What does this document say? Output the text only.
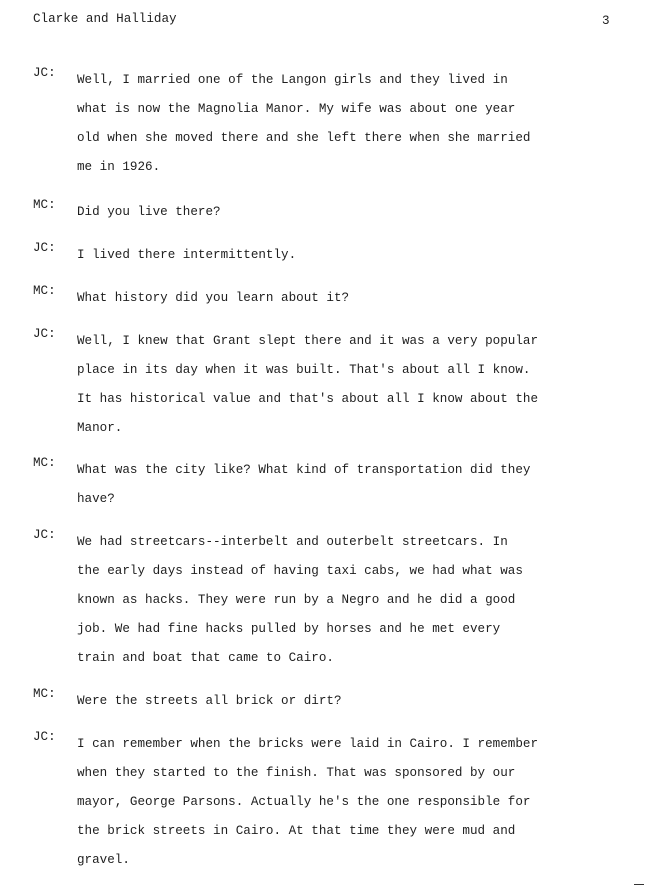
Clarke and Halliday	3
JC: Well, I married one of the Langon girls and they lived in
what is now the Magnolia Manor. My wife was about one year
old when she moved there and she left there when she married
me in 1926.
MC: Did you live there?
JC: I lived there intermittently.
MC: What history did you learn about it?
JC: Well, I knew that Grant slept there and it was a very popular
place in its day when it was built. That's about all I know.
It has historical value and that's about all I know about the
Manor.
MC: What was the city like? What kind of transportation did they
have?
JC: We had streetcars--interbelt and outerbelt streetcars. In
the early days instead of having taxi cabs, we had what was
known as hacks. They were run by a Negro and he did a good
job. We had fine hacks pulled by horses and he met every
train and boat that came to Cairo.
MC: Were the streets all brick or dirt?
JC: I can remember when the bricks were laid in Cairo. I remember
when they started to the finish. That was sponsored by our
mayor, George Parsons. Actually he's the one responsible for
the brick streets in Cairo. At that time they were mud and
gravel.
